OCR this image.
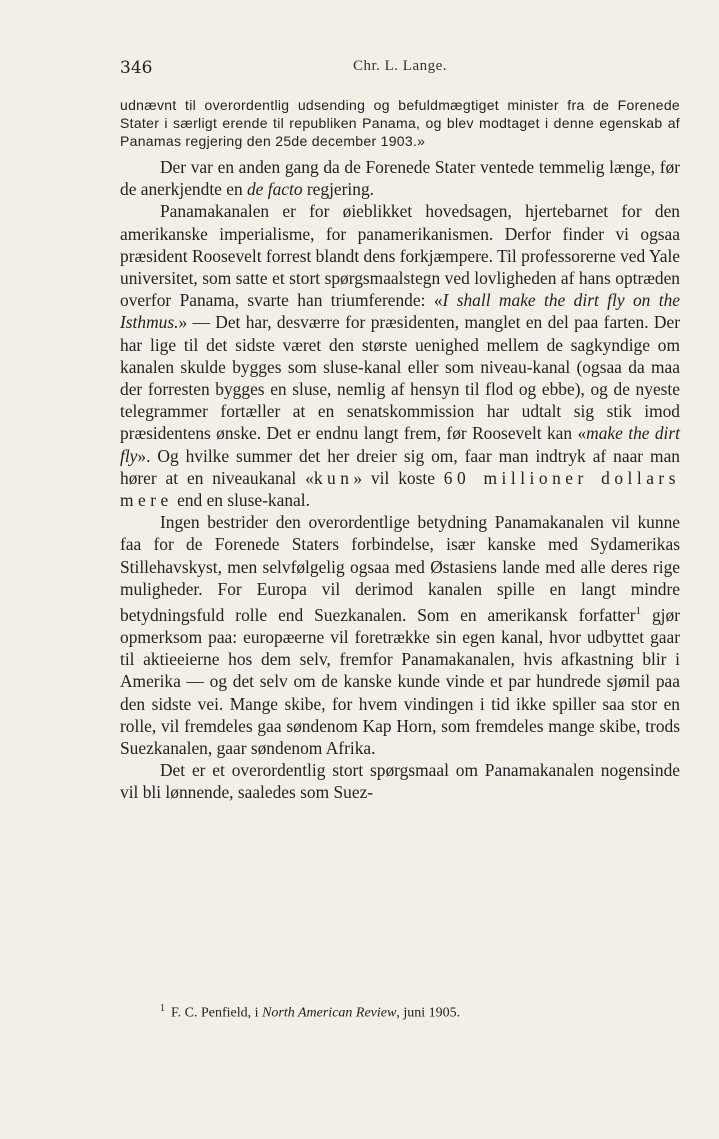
346	Chr. L. Lange.

udnævnt til overordentlig udsending og befuldmægtiget minister fra de Forenede Stater i særligt erende til republiken Panama, og blev modtaget i denne egenskab af Panamas regjering den 25de december 1903.»

Der var en anden gang da de Forenede Stater ventede temmelig længe, før de anerkjendte en de facto regjering.

Panamakanalen er for øieblikket hovedsagen, hjertebarnet for den amerikanske imperialisme, for panamerikanismen. Derfor finder vi ogsaa præsident Roosevelt forrest blandt dens forkjæmpere. Til professorerne ved Yale universitet, som satte et stort spørgsmaalstegn ved lovligheden af hans optræden overfor Panama, svarte han triumferende: «I shall make the dirt fly on the Isthmus.» — Det har, desværre for præsidenten, manglet en del paa farten. Der har lige til det sidste været den største uenighed mellem de sagkyndige om kanalen skulde bygges som sluse-kanal eller som niveau-kanal (ogsaa da maa der forresten bygges en sluse, nemlig af hensyn til flod og ebbe), og de nyeste telegrammer fortæller at en senatskommission har udtalt sig stik imod præsidentens ønske. Det er endnu langt frem, før Roosevelt kan «make the dirt fly». Og hvilke summer det her dreier sig om, faar man indtryk af naar man hører at en niveaukanal «kun» vil koste 60 millioner dollars mere end en sluse-kanal.

Ingen bestrider den overordentlige betydning Panamakanalen vil kunne faa for de Forenede Staters forbindelse, især kanske med Sydamerikas Stillehavskyst, men selvfølgelig ogsaa med Østasiens lande med alle deres rige muligheder. For Europa vil derimod kanalen spille en langt mindre betydningsfuld rolle end Suezkanalen. Som en amerikansk forfatter$^1$ gjør opmerksom paa: europæerne vil foretrække sin egen kanal, hvor udbyttet gaar til aktieeierne hos dem selv, fremfor Panamakanalen, hvis afkastning blir i Amerika — og det selv om de kanske kunde vinde et par hundrede sjømil paa den sidste vei. Mange skibe, for hvem vindingen i tid ikke spiller saa stor en rolle, vil fremdeles gaa søndenom Kap Horn, som fremdeles mange skibe, trods Suezkanalen, gaar søndenom Afrika.

Det er et overordentlig stort spørgsmaal om Panamakanalen nogensinde vil bli lønnende, saaledes som Suez-

$^1$ F. C. Penfield, i North American Review, juni 1905.
